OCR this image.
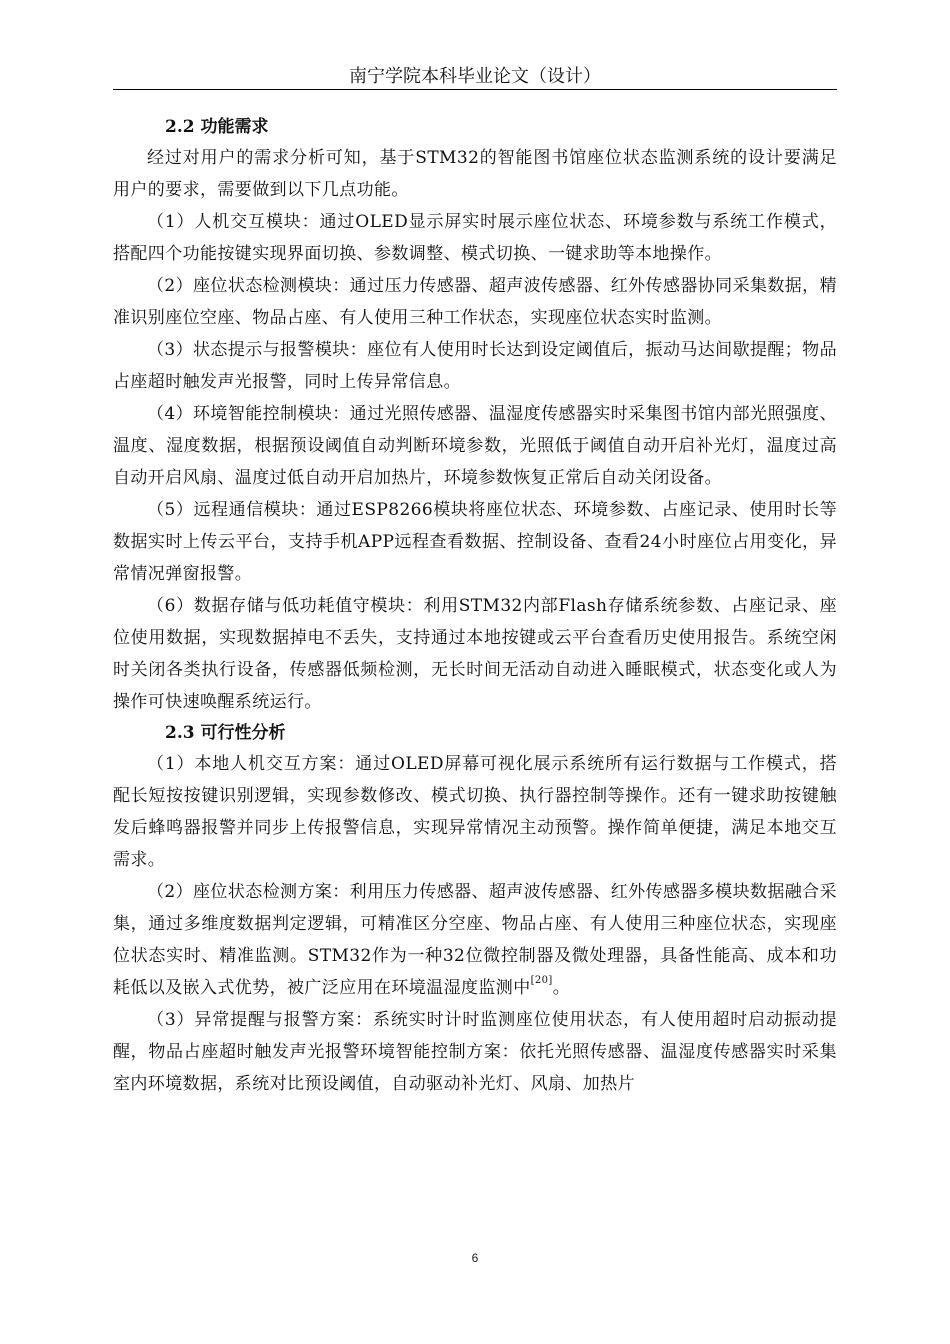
南宁学院本科毕业论文（设计）
2.2 功能需求

经过对用户的需求分析可知，基于STM32的智能图书馆座位状态监测系统的设计要满足用户的要求，需要做到以下几点功能。

（1）人机交互模块：通过OLED显示屏实时展示座位状态、环境参数与系统工作模式，搭配四个功能按键实现界面切换、参数调整、模式切换、一键求助等本地操作。

（2）座位状态检测模块：通过压力传感器、超声波传感器、红外传感器协同采集数据，精准识别座位空座、物品占座、有人使用三种工作状态，实现座位状态实时监测。

（3）状态提示与报警模块：座位有人使用时长达到设定阈值后，振动马达间歇提醒；物品占座超时触发声光报警，同时上传异常信息。

（4）环境智能控制模块：通过光照传感器、温湿度传感器实时采集图书馆内部光照强度、温度、湿度数据，根据预设阈值自动判断环境参数，光照低于阈值自动开启补光灯，温度过高自动开启风扇、温度过低自动开启加热片，环境参数恢复正常后自动关闭设备。

（5）远程通信模块：通过ESP8266模块将座位状态、环境参数、占座记录、使用时长等数据实时上传云平台，支持手机APP远程查看数据、控制设备、查看24小时座位占用变化，异常情况弹窗报警。

（6）数据存储与低功耗值守模块：利用STM32内部Flash存储系统参数、占座记录、座位使用数据，实现数据掉电不丢失，支持通过本地按键或云平台查看历史使用报告。系统空闲时关闭各类执行设备，传感器低频检测，无长时间无活动自动进入睡眠模式，状态变化或人为操作可快速唤醒系统运行。

2.3 可行性分析

（1）本地人机交互方案：通过OLED屏幕可视化展示系统所有运行数据与工作模式，搭配长短按按键识别逻辑，实现参数修改、模式切换、执行器控制等操作。还有一键求助按键触发后蜂鸣器报警并同步上传报警信息，实现异常情况主动预警。操作简单便捷，满足本地交互需求。

（2）座位状态检测方案：利用压力传感器、超声波传感器、红外传感器多模块数据融合采集，通过多维度数据判定逻辑，可精准区分空座、物品占座、有人使用三种座位状态，实现座位状态实时、精准监测。STM32作为一种32位微控制器及微处理器，具备性能高、成本和功耗低以及嵌入式优势，被广泛应用在环境温湿度监测中[20]。

（3）异常提醒与报警方案：系统实时计时监测座位使用状态，有人使用超时启动振动提醒，物品占座超时触发声光报警环境智能控制方案：依托光照传感器、温湿度传感器实时采集室内环境数据，系统对比预设阈值，自动驱动补光灯、风扇、加热片

6
